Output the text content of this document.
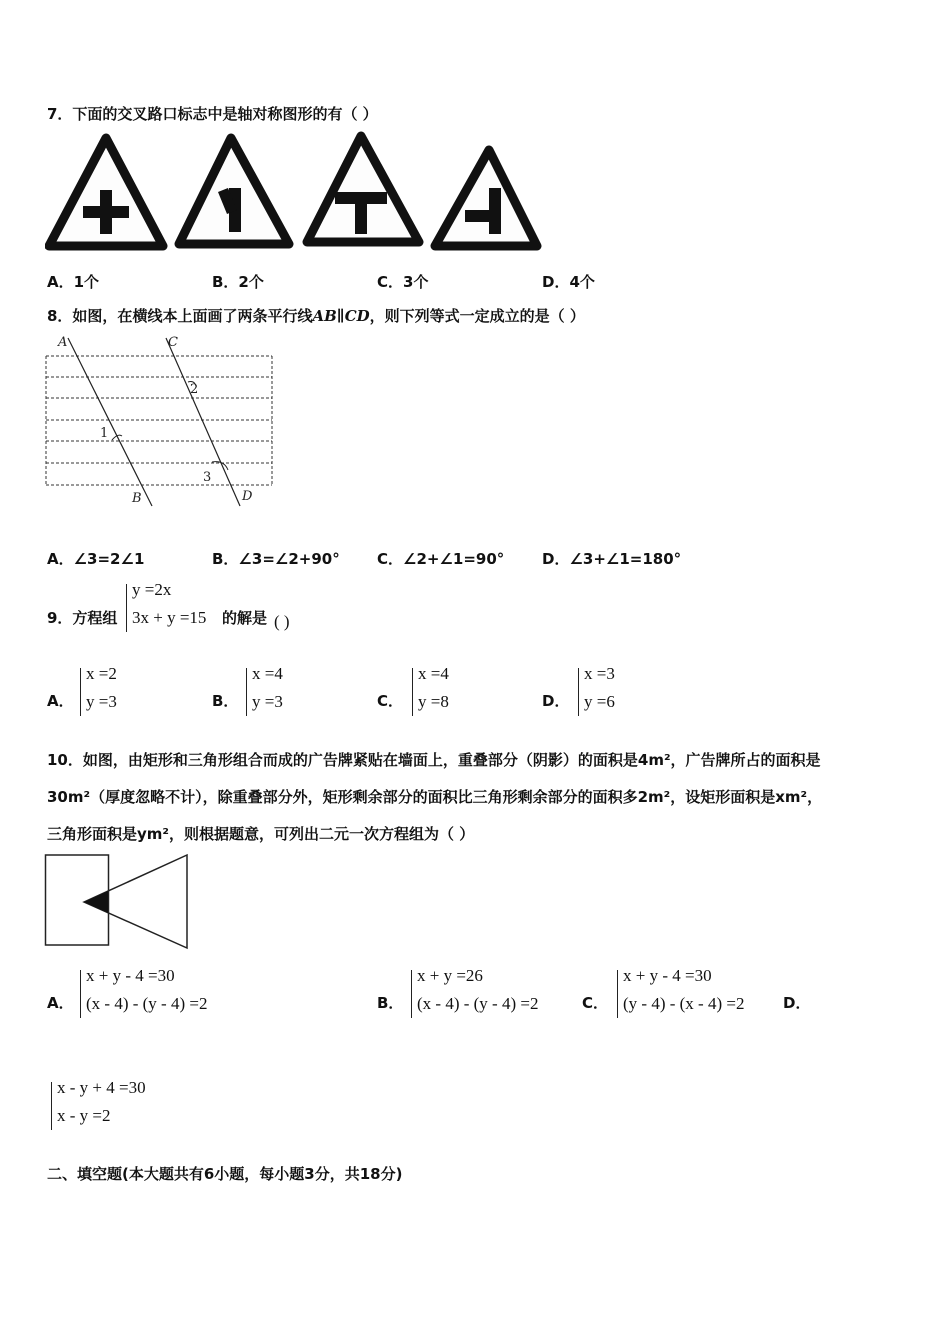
7．下面的交叉路口标志中是轴对称图形的有（ ）
A．1个	B．2个	C．3个	D．4个
8．如图，在横线本上面画了两条平行线AB∥CD，则下列等式一定成立的是（ ）
A
B
C
D
1
2
3
A．∠3=2∠1	B．∠3=∠2+90° C．∠2+∠1=90°	D．∠3+∠1=180°
9．方程组
y =2x
3x + y =15 的解是 ( )
A．
x =2
y =3	B．
x =4
y =3	C．
x =4
y =8	D．
x =3
y =6
10．如图，由矩形和三角形组合而成的广告牌紧贴在墙面上，重叠部分（阴影）的面积是4m²，广告牌所占的面积是
30m²（厚度忽略不计），除重叠部分外，矩形剩余部分的面积比三角形剩余部分的面积多2m²，设矩形面积是xm²，
三角形面积是ym²，则根据题意，可列出二元一次方程组为（ ）
A．
x + y - 4 =30
(x - 4) - (y - 4) =2	B．
x + y =26
(x - 4) - (y - 4) =2	C．
x + y - 4 =30
(y - 4) - (x - 4) =2	D．
x - y + 4 =30
x - y =2
二、填空题(本大题共有6小题，每小题3分，共18分)
